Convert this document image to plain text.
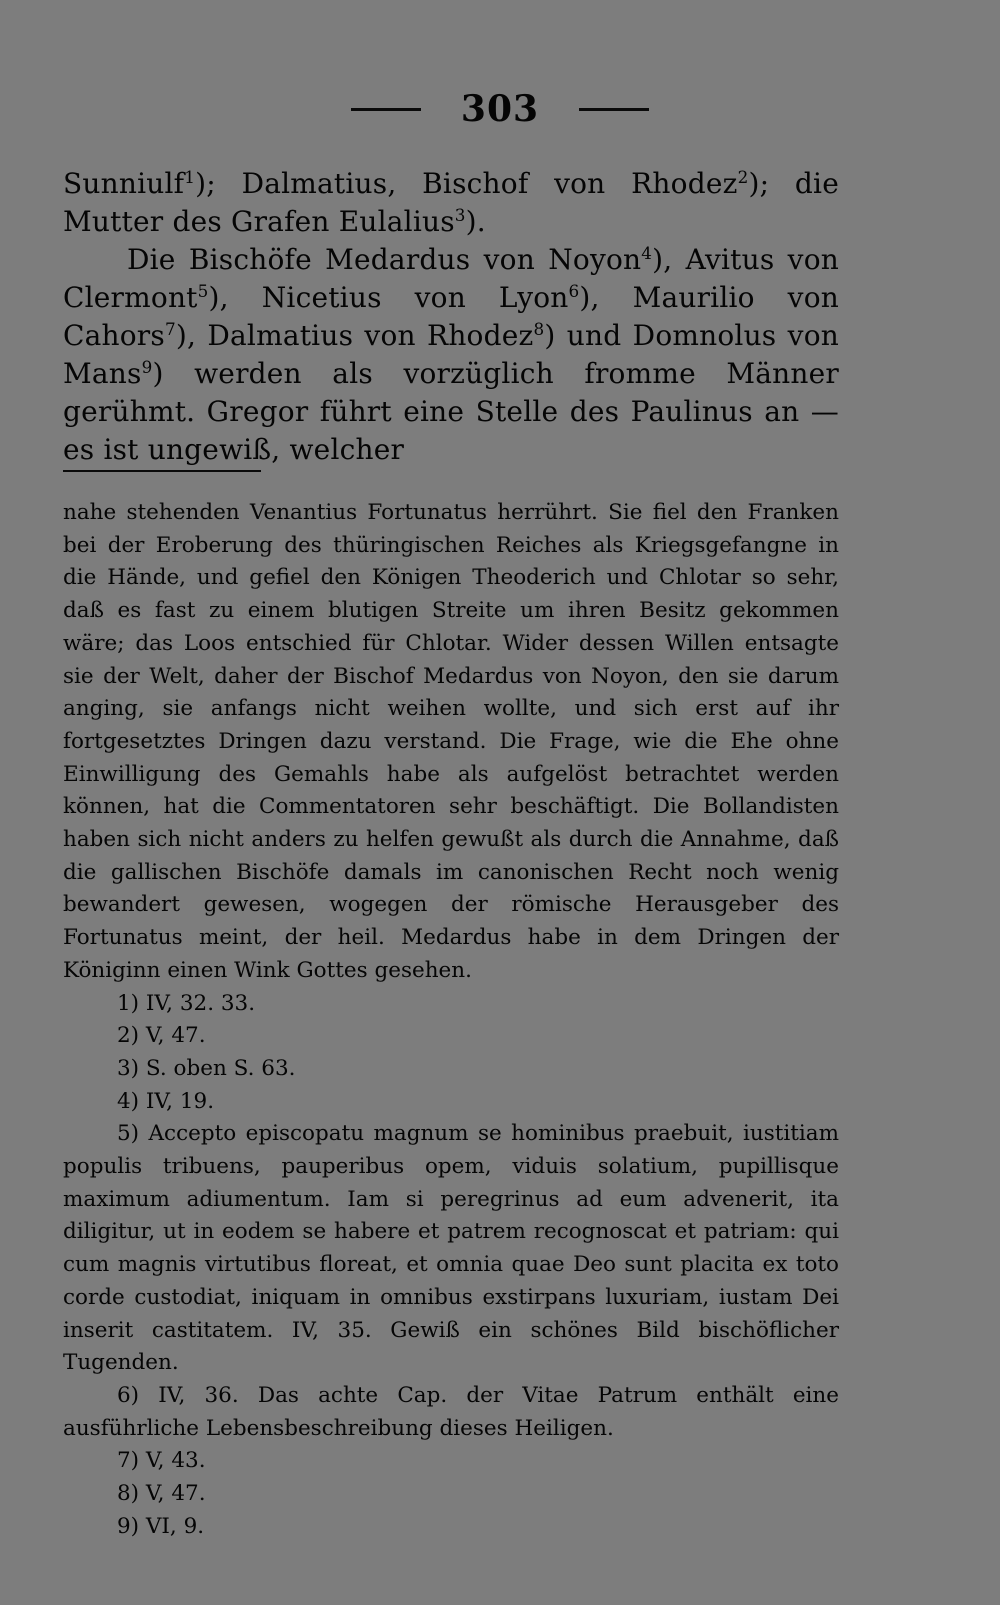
303

Sunniulf$^1$); Dalmatius, Bischof von Rhodez$^2$); die Mutter des Grafen Eulalius$^3$).

Die Bischöfe Medardus von Noyon$^4$), Avitus von Clermont$^5$), Nicetius von Lyon$^6$), Maurilio von Cahors$^7$), Dalmatius von Rhodez$^8$) und Domnolus von Mans$^9$) werden als vorzüglich fromme Männer gerühmt. Gregor führt eine Stelle des Paulinus an — es ist ungewiß, welcher

nahe stehenden Venantius Fortunatus herrührt. Sie fiel den Franken bei der Eroberung des thüringischen Reiches als Kriegsgefangne in die Hände, und gefiel den Königen Theoderich und Chlotar so sehr, daß es fast zu einem blutigen Streite um ihren Besitz gekommen wäre; das Loos entschied für Chlotar. Wider dessen Willen entsagte sie der Welt, daher der Bischof Medardus von Noyon, den sie darum anging, sie anfangs nicht weihen wollte, und sich erst auf ihr fortgesetztes Dringen dazu verstand. Die Frage, wie die Ehe ohne Einwilligung des Gemahls habe als aufgelöst betrachtet werden können, hat die Commentatoren sehr beschäftigt. Die Bollandisten haben sich nicht anders zu helfen gewußt als durch die Annahme, daß die gallischen Bischöfe damals im canonischen Recht noch wenig bewandert gewesen, wogegen der römische Herausgeber des Fortunatus meint, der heil. Medardus habe in dem Dringen der Königinn einen Wink Gottes gesehen.

1) IV, 32. 33.

2) V, 47.

3) S. oben S. 63.

4) IV, 19.

5) Accepto episcopatu magnum se hominibus praebuit, iustitiam populis tribuens, pauperibus opem, viduis solatium, pupillisque maximum adiumentum. Iam si peregrinus ad eum advenerit, ita diligitur, ut in eodem se habere et patrem recognoscat et patriam: qui cum magnis virtutibus floreat, et omnia quae Deo sunt placita ex toto corde custodiat, iniquam in omnibus exstirpans luxuriam, iustam Dei inserit castitatem. IV, 35. Gewiß ein schönes Bild bischöflicher Tugenden.

6) IV, 36. Das achte Cap. der Vitae Patrum enthält eine ausführliche Lebensbeschreibung dieses Heiligen.

7) V, 43.

8) V, 47.

9) VI, 9.
